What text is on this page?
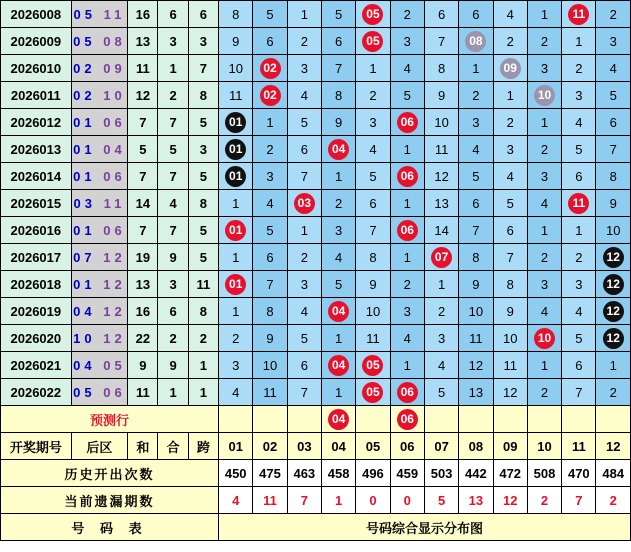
2026008	05 11	16	6	6	8	5	1	5	05	2	6	6	4	1	11	2
2026009	05 08	13	3	3	9	6	2	6	05	3	7	08	2	2	1	3
2026010	02 09	11	1	7	10	02	3	7	1	4	8	1	09	3	2	4
2026011	02 10	12	2	8	11	02	4	8	2	5	9	2	1	10	3	5
2026012	01 06	7	7	5	01	1	5	9	3	06	10	3	2	1	4	6
2026013	01 04	5	5	3	01	2	6	04	4	1	11	4	3	2	5	7
2026014	01 06	7	7	5	01	3	7	1	5	06	12	5	4	3	6	8
2026015	03 11	14	4	8	1	4	03	2	6	1	13	6	5	4	11	9
2026016	01 06	7	7	5	01	5	1	3	7	06	14	7	6	1	1	10
2026017	07 12	19	9	5	1	6	2	4	8	1	07	8	7	2	2	12
2026018	01 12	13	3	11	01	7	3	5	9	2	1	9	8	3	3	12
2026019	04 12	16	6	8	1	8	4	04	10	3	2	10	9	4	4	12
2026020	10 12	22	2	2	2	9	5	1	11	4	3	11	10	10	5	12
2026021	04 05	9	9	1	3	10	6	04	05	1	4	12	11	1	6	1
2026022	05 06	11	1	1	4	11	7	1	05	06	5	13	12	2	7	2
预测行								04		06						
开奖期号	后区	和	合	跨	01	02	03	04	05	06	07	08	09	10	11	12
历史开出次数					450	475	463	458	496	459	503	442	472	508	470	484
当前遗漏期数					4	11	7	1	0	0	5	13	12	2	7	2
号 码 表					号码综合显示分布图											
